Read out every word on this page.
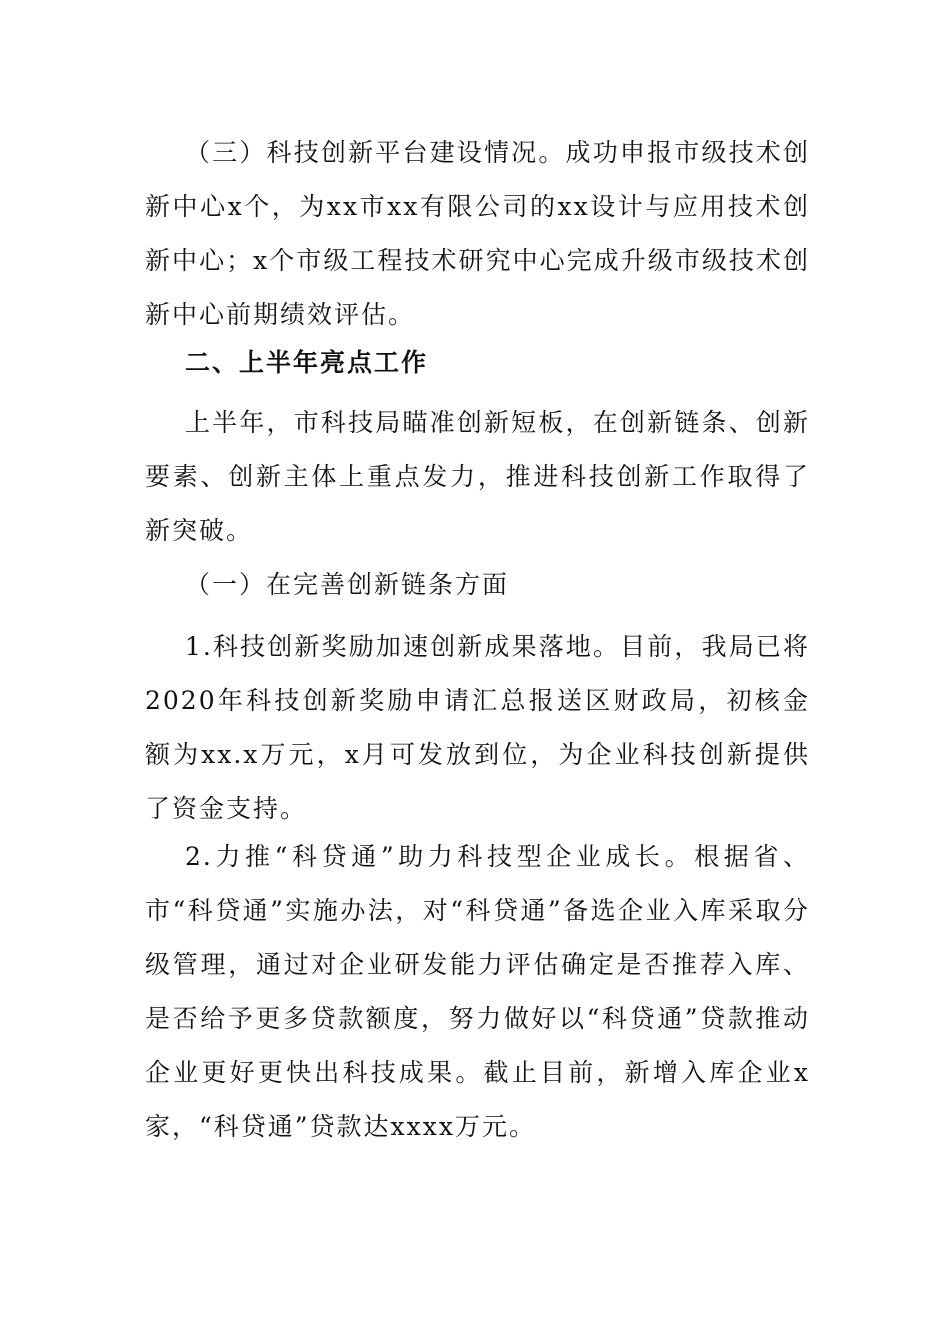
（三）科技创新平台建设情况。成功申报市级技术创新中心x个，为xx市xx有限公司的xx设计与应用技术创新中心；x个市级工程技术研究中心完成升级市级技术创新中心前期绩效评估。

二、上半年亮点工作

上半年，市科技局瞄准创新短板，在创新链条、创新要素、创新主体上重点发力，推进科技创新工作取得了新突破。

（一）在完善创新链条方面

1.科技创新奖励加速创新成果落地。目前，我局已将2020年科技创新奖励申请汇总报送区财政局，初核金额为xx.x万元，x月可发放到位，为企业科技创新提供了资金支持。

2.力推“科贷通”助力科技型企业成长。根据省、市“科贷通”实施办法，对“科贷通”备选企业入库采取分级管理，通过对企业研发能力评估确定是否推荐入库、是否给予更多贷款额度，努力做好以“科贷通”贷款推动企业更好更快出科技成果。截止目前，新增入库企业x家，“科贷通”贷款达xxxx万元。
